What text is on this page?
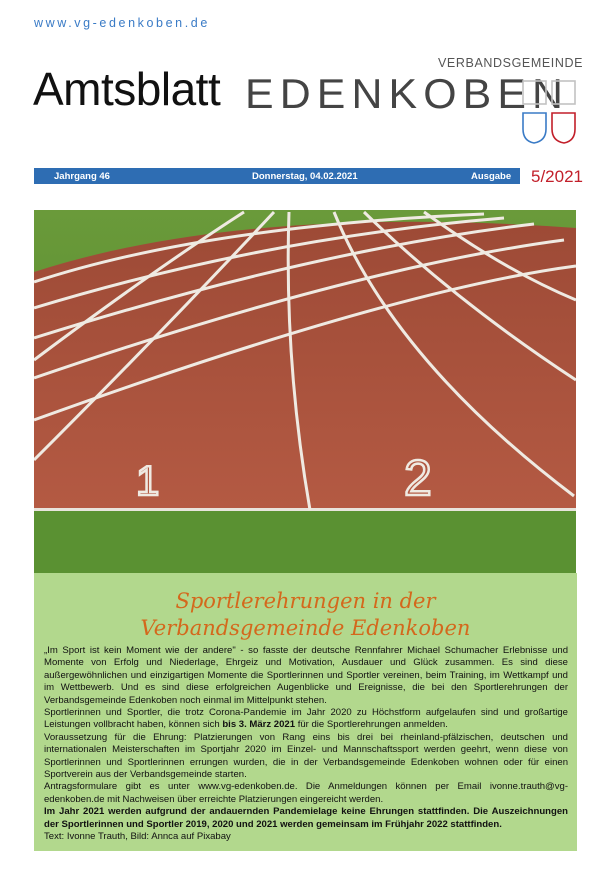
www.vg-edenkoben.de
VERBANDSGEMEINDE
Amtsblatt EDENKOBEN
Jahrgang 46	Donnerstag, 04.02.2021	Ausgabe 5/2021
1	2
Sportlerehrungen in der
Verbandsgemeinde Edenkoben

„Im Sport ist kein Moment wie der andere" - so fasste der deutsche Rennfahrer Michael Schumacher Erlebnisse und Momente von Erfolg und Niederlage, Ehrgeiz und Motivation, Ausdauer und Glück zusammen. Es sind diese außergewöhnlichen und einzigartigen Momente die Sportlerinnen und Sportler vereinen, beim Training, im Wettkampf und im Wettbewerb. Und es sind diese erfolgreichen Augenblicke und Ereignisse, die bei den Sportlerehrungen der Verbandsgemeinde Edenkoben noch einmal im Mittelpunkt stehen.

Sportlerinnen und Sportler, die trotz Corona-Pandemie im Jahr 2020 zu Höchstform aufgelaufen sind und großartige Leistungen vollbracht haben, können sich bis 3. März 2021 für die Sportlerehrungen anmelden.

Voraussetzung für die Ehrung: Platzierungen von Rang eins bis drei bei rheinland-pfälzischen, deutschen und internationalen Meisterschaften im Sportjahr 2020 im Einzel- und Mannschaftssport werden geehrt, wenn diese von Sportlerinnen und Sportlerinnen errungen wurden, die in der Verbandsgemeinde Edenkoben wohnen oder für einen Sportverein aus der Verbandsgemeinde starten.

Antragsformulare gibt es unter www.vg-edenkoben.de. Die Anmeldungen können per Email ivonne.trauth@vg-edenkoben.de mit Nachweisen über erreichte Platzierungen eingereicht werden.

Im Jahr 2021 werden aufgrund der andauernden Pandemielage keine Ehrungen stattfinden. Die Auszeichnungen der Sportlerinnen und Sportler 2019, 2020 und 2021 werden gemeinsam im Frühjahr 2022 stattfinden.

Text: Ivonne Trauth, Bild: Annca auf Pixabay
